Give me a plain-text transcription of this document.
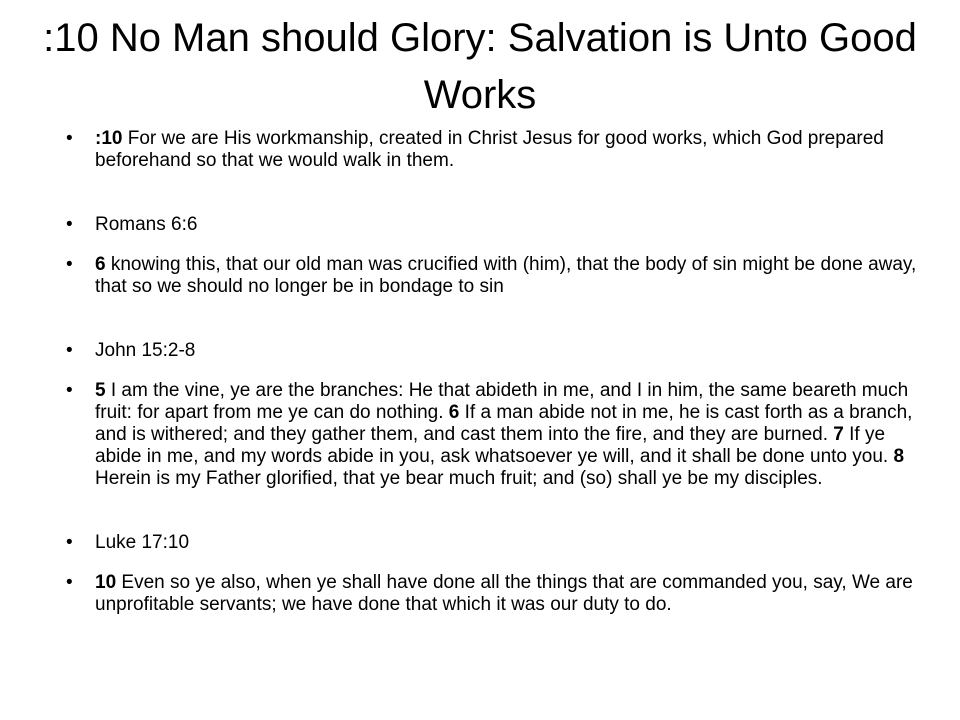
:10 No Man should Glory: Salvation is Unto Good Works
• :10 For we are His workmanship, created in Christ Jesus for good works, which God prepared beforehand so that we would walk in them.
• Romans 6:6
• 6 knowing this, that our old man was crucified with (him), that the body of sin might be done away, that so we should no longer be in bondage to sin
• John 15:2-8
• 5 I am the vine, ye are the branches: He that abideth in me, and I in him, the same beareth much fruit: for apart from me ye can do nothing. 6 If a man abide not in me, he is cast forth as a branch, and is withered; and they gather them, and cast them into the fire, and they are burned. 7 If ye abide in me, and my words abide in you, ask whatsoever ye will, and it shall be done unto you. 8 Herein is my Father glorified, that ye bear much fruit; and (so) shall ye be my disciples.
• Luke 17:10
• 10 Even so ye also, when ye shall have done all the things that are commanded you, say, We are unprofitable servants; we have done that which it was our duty to do.
